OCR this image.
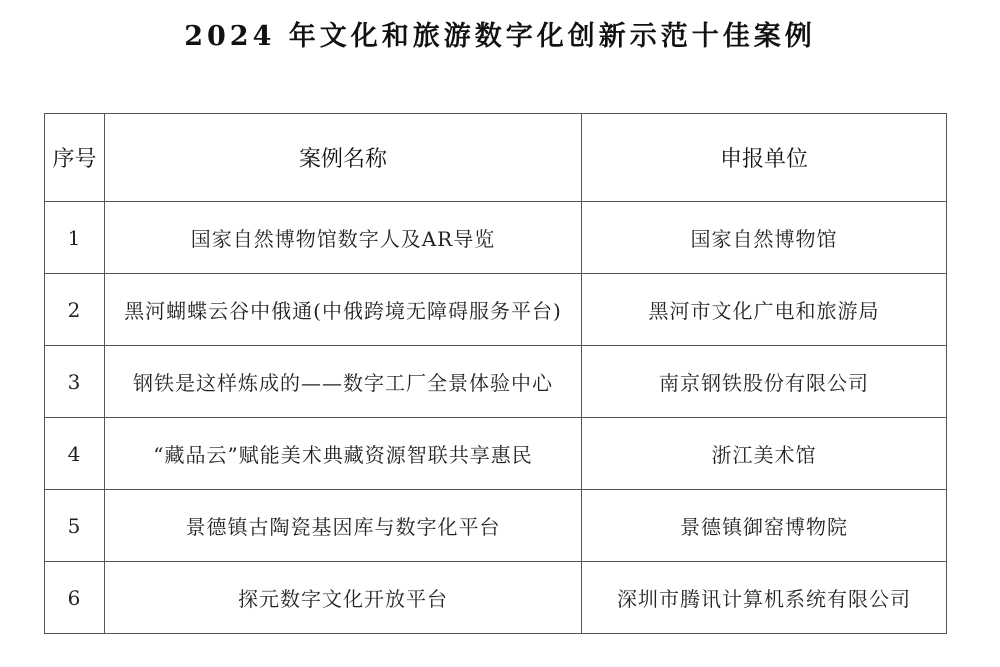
2024 年文化和旅游数字化创新示范十佳案例
序号	案例名称	申报单位
1	国家自然博物馆数字人及AR导览	国家自然博物馆
2	黑河蝴蝶云谷中俄通(中俄跨境无障碍服务平台)	黑河市文化广电和旅游局
3	钢铁是这样炼成的——数字工厂全景体验中心	南京钢铁股份有限公司
4	“藏品云”赋能美术典藏资源智联共享惠民	浙江美术馆
5	景德镇古陶瓷基因库与数字化平台	景德镇御窑博物院
6	探元数字文化开放平台	深圳市腾讯计算机系统有限公司
